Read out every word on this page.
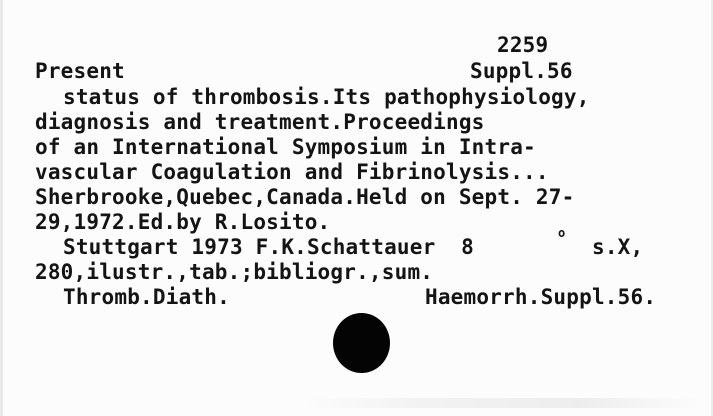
2259
Present	Suppl.56
status of thrombosis.Its pathophysiology,
diagnosis and treatment.Proceedings
of an International Symposium in Intra-
vascular Coagulation and Fibrinolysis...
Sherbrooke,Quebec,Canada.Held on Sept. 27-
29,1972.Ed.by R.Losito.
Stuttgart 1973 F.K.Schattauer  8
o
s.X,
280,ilustr.,tab.;bibliogr.,sum.
Thromb.Diath.	Haemorrh.Suppl.56.
